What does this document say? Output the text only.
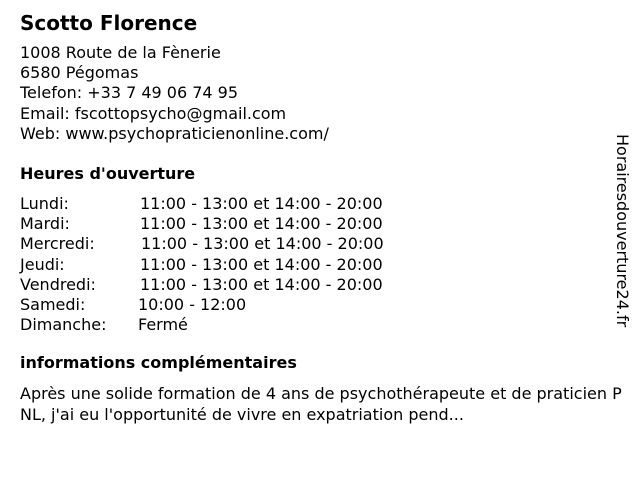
Scotto Florence
1008 Route de la Fènerie
6580 Pégomas
Telefon: +33 7 49 06 74 95
Email: fscottopsycho@gmail.com
Web: www.psychopraticienonline.com/
Heures d'ouverture
Lundi:	11:00 - 13:00 et 14:00 - 20:00
Mardi:	11:00 - 13:00 et 14:00 - 20:00
Mercredi:	11:00 - 13:00 et 14:00 - 20:00
Jeudi:	11:00 - 13:00 et 14:00 - 20:00
Vendredi:	11:00 - 13:00 et 14:00 - 20:00
Samedi:	10:00 - 12:00
Dimanche: Fermé
informations complémentaires
Après une solide formation de 4 ans de psychothérapeute et de praticien PNL, j'ai eu l'opportunité de vivre en expatriation pend...
Horairesdouverture24.fr
